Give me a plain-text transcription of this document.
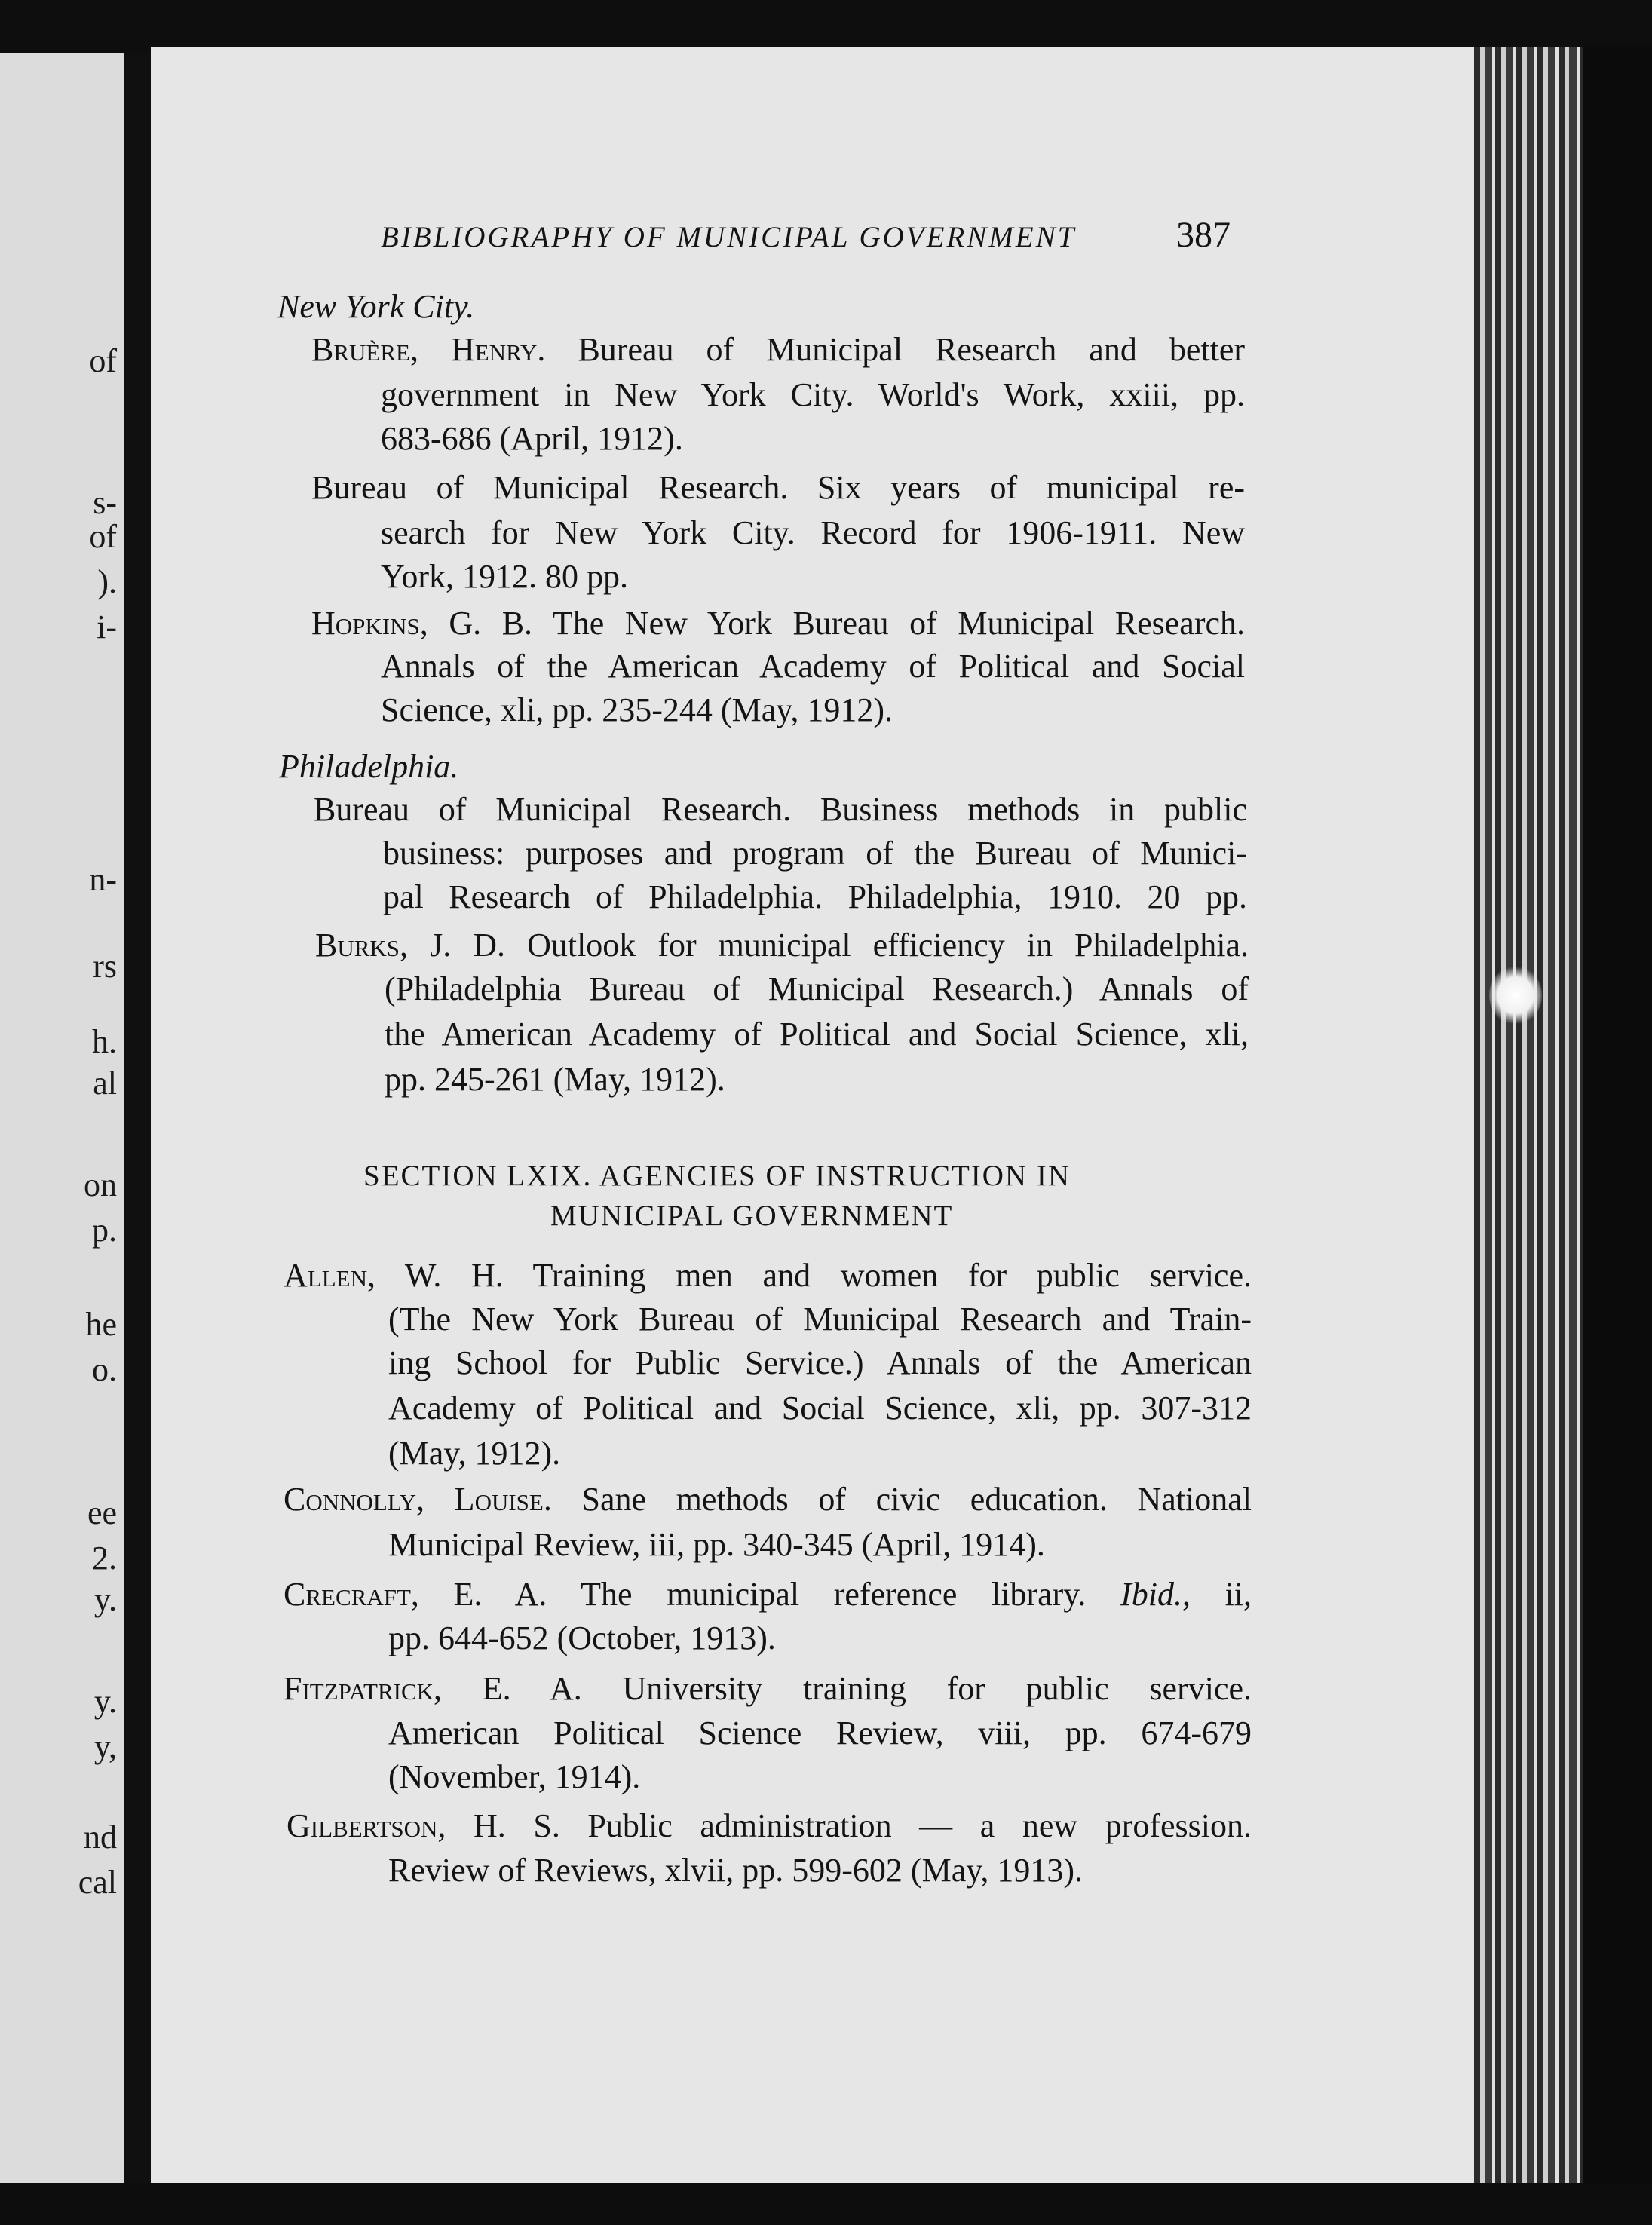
of
s-
of
).
i-
n-
rs
h.
al
on
p.
he
o.
ee
2.
y.
y.
y,
nd
cal
BIBLIOGRAPHY OF MUNICIPAL GOVERNMENT	387
New York City.
Bruère, Henry. Bureau of Municipal Research and better
government in New York City. World's Work, xxiii, pp.
683-686 (April, 1912).
Bureau of Municipal Research. Six years of municipal re-
search for New York City. Record for 1906-1911. New
York, 1912. 80 pp.
Hopkins, G. B. The New York Bureau of Municipal Research.
Annals of the American Academy of Political and Social
Science, xli, pp. 235-244 (May, 1912).
Philadelphia.
Bureau of Municipal Research. Business methods in public
business: purposes and program of the Bureau of Munici-
pal Research of Philadelphia. Philadelphia, 1910. 20 pp.
Burks, J. D. Outlook for municipal efficiency in Philadelphia.
(Philadelphia Bureau of Municipal Research.) Annals of
the American Academy of Political and Social Science, xli,
pp. 245-261 (May, 1912).
SECTION LXIX. AGENCIES OF INSTRUCTION IN
MUNICIPAL GOVERNMENT
Allen, W. H. Training men and women for public service.
(The New York Bureau of Municipal Research and Train-
ing School for Public Service.) Annals of the American
Academy of Political and Social Science, xli, pp. 307-312
(May, 1912).
Connolly, Louise. Sane methods of civic education. National
Municipal Review, iii, pp. 340-345 (April, 1914).
Crecraft, E. A. The municipal reference library. Ibid., ii,
pp. 644-652 (October, 1913).
Fitzpatrick, E. A. University training for public service.
American Political Science Review, viii, pp. 674-679
(November, 1914).
Gilbertson, H. S. Public administration — a new profession.
Review of Reviews, xlvii, pp. 599-602 (May, 1913).
